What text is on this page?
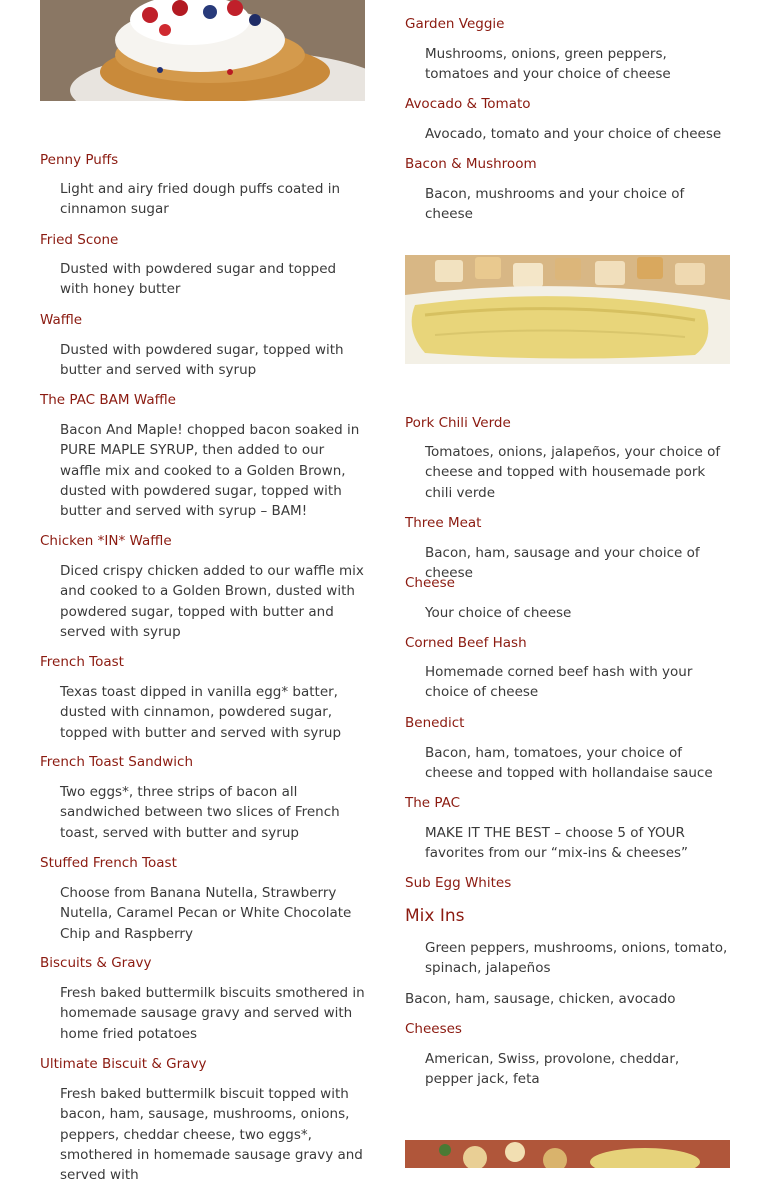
Penny Puffs
Light and airy fried dough puffs coated in cinnamon sugar
Fried Scone
Dusted with powdered sugar and topped with honey butter
Waffle
Dusted with powdered sugar, topped with butter and served with syrup
The PAC BAM Waffle
Bacon And Maple! chopped bacon soaked in PURE MAPLE SYRUP, then added to our waffle mix and cooked to a Golden Brown, dusted with powdered sugar, topped with butter and served with syrup – BAM!
Chicken *IN* Waffle
Diced crispy chicken added to our waffle mix and cooked to a Golden Brown, dusted with powdered sugar, topped with butter and served with syrup
French Toast
Texas toast dipped in vanilla egg* batter, dusted with cinnamon, powdered sugar, topped with butter and served with syrup
French Toast Sandwich
Two eggs*, three strips of bacon all sandwiched between two slices of French toast, served with butter and syrup
Stuffed French Toast
Choose from Banana Nutella, Strawberry Nutella, Caramel Pecan or White Chocolate Chip and Raspberry
Biscuits & Gravy
Fresh baked buttermilk biscuits smothered in homemade sausage gravy and served with home fried potatoes
Ultimate Biscuit & Gravy
Fresh baked buttermilk biscuit topped with bacon, ham, sausage, mushrooms, onions, peppers, cheddar cheese, two eggs*, smothered in homemade sausage gravy and served with
Garden Veggie
Mushrooms, onions, green peppers, tomatoes and your choice of cheese
Avocado & Tomato
Avocado, tomato and your choice of cheese
Bacon & Mushroom
Bacon, mushrooms and your choice of cheese
Pork Chili Verde
Tomatoes, onions, jalapeños, your choice of cheese and topped with housemade pork chili verde
Three Meat
Bacon, ham, sausage and your choice of cheese
Cheese
Your choice of cheese
Corned Beef Hash
Homemade corned beef hash with your choice of cheese
Benedict
Bacon, ham, tomatoes, your choice of cheese and topped with hollandaise sauce
The PAC
MAKE IT THE BEST – choose 5 of YOUR favorites from our “mix-ins & cheeses”
Sub Egg Whites
Mix Ins
Green peppers, mushrooms, onions, tomato, spinach, jalapeños
Bacon, ham, sausage, chicken, avocado
Cheeses
American, Swiss, provolone, cheddar, pepper jack, feta
